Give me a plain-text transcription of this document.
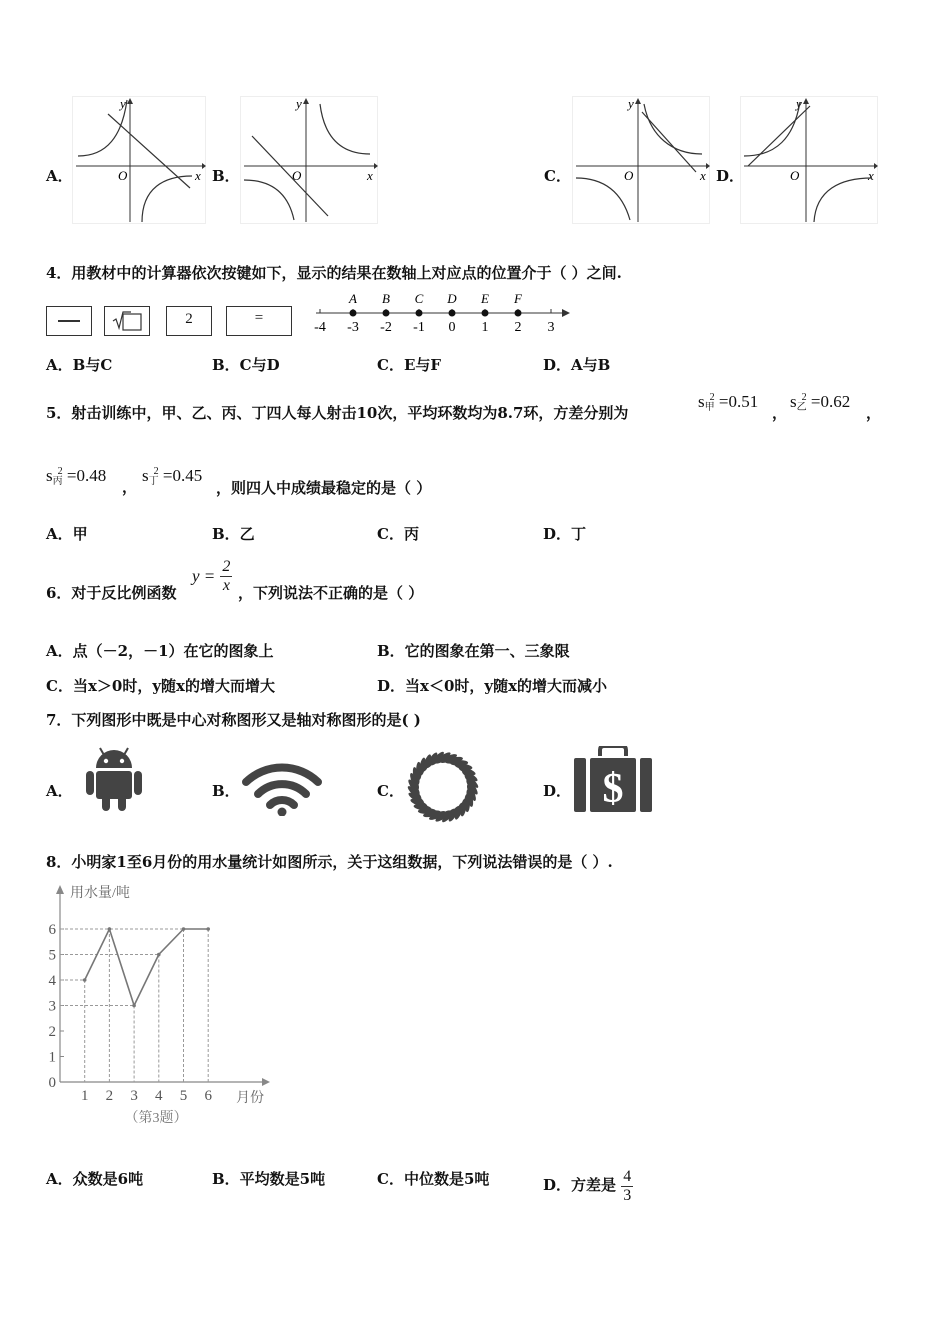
A．
y
x
O	B．
y
x
O	C．
y
x
O	D．
y
x
O
4．用教材中的计算器依次按键如下，显示的结果在数轴上对应点的位置介于（ ）之间.
2	=
-4 -3 -2 -1 0 1 2 3
A B C D E F
A．B与C	B．C与D	C．E与F	D．A与B
5．射击训练中，甲、乙、丙、丁四人每人射击10次，平均环数均为8.7环，方差分别为
$s_甲^2 =0.51$
，
$s_乙^2 =0.62$
，
$s_丙^2 =0.48$
，
$s_丁^2 =0.45$
，则四人中成绩最稳定的是（ ）
A．甲	B．乙	C．丙	D．丁
6．对于反比例函数
$y = \frac{2}{x}$ ，下列说法不正确的是（ ）
A．点（－2，－1）在它的图象上	B．它的图象在第一、三象限
C．当x＞0时，y随x的增大而增大	D．当x＜0时，y随x的增大而减小
7．下列图形中既是中心对称图形又是轴对称图形的是( )
A．	B．	C．	D． $
8．小明家1至6月份的用水量统计如图所示，关于这组数据，下列说法错误的是（ ）.
用水量/吨
月份
0
1
2
3
4
5
6
1 2 3 4 5 6
（第3题）
A．众数是6吨	B．平均数是5吨	C．中位数是5吨	D．方差是 $\frac{4}{3}$
